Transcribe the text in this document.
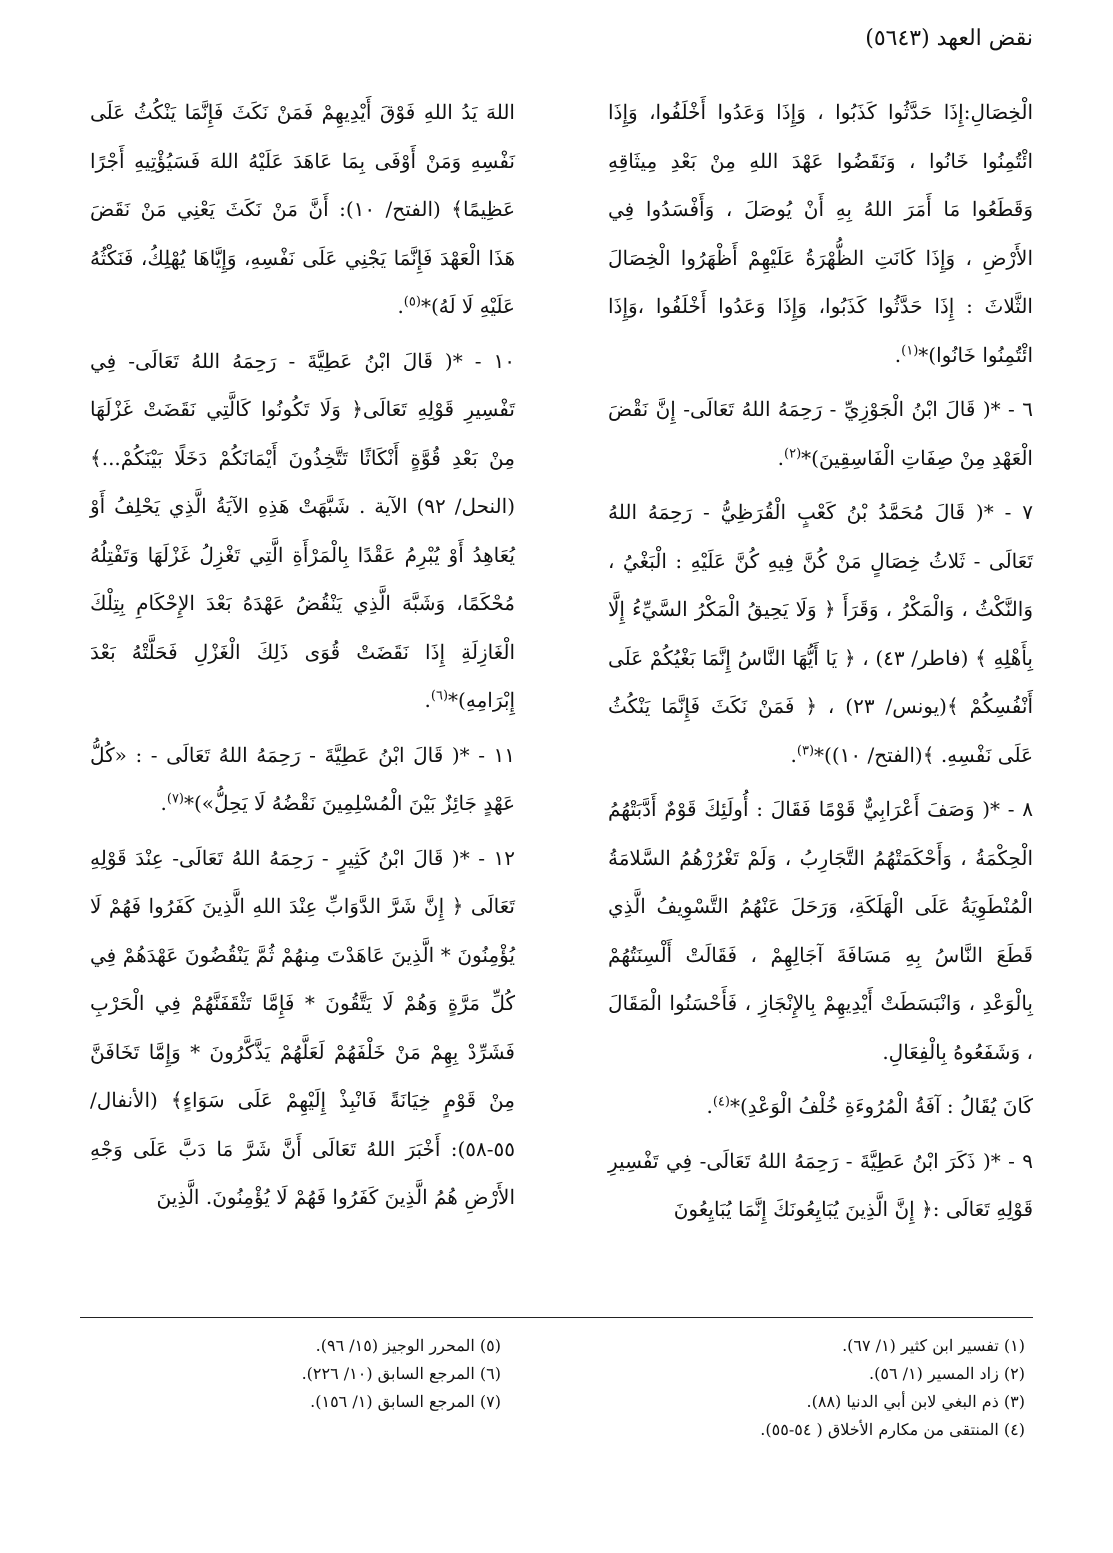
نقض العهد (٥٦٤٣)

الْخِصَالِ:إِذَا حَدَّثُوا كَذَبُوا ، وَإِذَا وَعَدُوا أَخْلَفُوا، وَإِذَا ائْتُمِنُوا خَانُوا ، وَنَقَضُوا عَهْدَ اللهِ مِنْ بَعْدِ مِيثَاقِهِ وَقَطَعُوا مَا أَمَرَ اللهُ بِهِ أَنْ يُوصَلَ ، وَأَفْسَدُوا فِي الأَرْضِ ، وَإِذَا كَانَتِ الظُّهْرَةُ عَلَيْهِمْ أَظْهَرُوا الْخِصَالَ الثَّلاثَ : إِذَا حَدَّثُوا كَذَبُوا، وَإِذَا وَعَدُوا أَخْلَفُوا ،وَإِذَا ائْتُمِنُوا خَانُوا)*$^{(١)}$.

٦ - *( قَالَ ابْنُ الْجَوْزِيِّ - رَحِمَهُ اللهُ تَعَالَى- إِنَّ نَقْضَ الْعَهْدِ مِنْ صِفَاتِ الْفَاسِقِينَ)*$^{(٢)}$.

٧ - *( قَالَ مُحَمَّدُ بْنُ كَعْبٍ الْقُرَظِيُّ - رَحِمَهُ اللهُ تَعَالَى - ثَلاثُ خِصَالٍ مَنْ كُنَّ فِيهِ كُنَّ عَلَيْهِ : الْبَغْيُ ، وَالنَّكْثُ ، وَالْمَكْرُ ، وَقَرَأَ ﴿ وَلَا يَحِيقُ الْمَكْرُ السَّيِّءُ إِلَّا بِأَهْلِهِ ﴾ (فاطر/ ٤٣) ، ﴿ يَا أَيُّهَا النَّاسُ إِنَّمَا بَغْيُكُمْ عَلَى أَنْفُسِكُمْ ﴾(يونس/ ٢٣) ، ﴿ فَمَنْ نَكَثَ فَإِنَّمَا يَنْكُثُ عَلَى نَفْسِهِ. ﴾(الفتح/ ١٠))*$^{(٣)}$.

٨ - *( وَصَفَ أَعْرَابِيٌّ قَوْمًا فَقَالَ : أُولَئِكَ قَوْمٌ أَدَّبَتْهُمُ الْحِكْمَةُ ، وَأَحْكَمَتْهُمُ التَّجَارِبُ ، وَلَمْ تَغْرُرْهُمُ السَّلامَةُ الْمُنْطَوِيَةُ عَلَى الْهَلَكَةِ، وَرَحَلَ عَنْهُمُ التَّسْوِيفُ الَّذِي قَطَعَ النَّاسُ بِهِ مَسَافَةَ آجَالِهِمْ ، فَقَالَتْ أَلْسِنَتُهُمْ بِالْوَعْدِ ، وَانْبَسَطَتْ أَيْدِيهِمْ بِالإِنْجَازِ ، فَأَحْسَنُوا الْمَقَالَ ، وَشَفَعُوهُ بِالْفِعَالِ.

كَانَ يُقَالُ : آفَةُ الْمُرُوءَةِ خُلْفُ الْوَعْدِ)*$^{(٤)}$.

٩ - *( ذَكَرَ ابْنُ عَطِيَّةَ - رَحِمَهُ اللهُ تَعَالَى- فِي تَفْسِيرِ قَوْلِهِ تَعَالَى :﴿ إِنَّ الَّذِينَ يُبَايِعُونَكَ إِنَّمَا يُبَايِعُونَ

اللهَ يَدُ اللهِ فَوْقَ أَيْدِيهِمْ فَمَنْ نَكَثَ فَإِنَّمَا يَنْكُثُ عَلَى نَفْسِهِ وَمَنْ أَوْفَى بِمَا عَاهَدَ عَلَيْهُ اللهَ فَسَيُؤْتِيهِ أَجْرًا عَظِيمًا﴾ (الفتح/ ١٠): أَنَّ مَنْ نَكَثَ يَعْنِي مَنْ نَقَضَ هَذَا الْعَهْدَ فَإِنَّمَا يَجْنِي عَلَى نَفْسِهِ، وَإِيَّاهَا يُهْلِكُ، فَنَكْثُهُ عَلَيْهِ لَا لَهُ)*$^{(٥)}$.

١٠ - *( قَالَ ابْنُ عَطِيَّةَ - رَحِمَهُ اللهُ تَعَالَى- فِي تَفْسِيرِ قَوْلِهِ تَعَالَى﴿ وَلَا تَكُونُوا كَالَّتِي نَقَضَتْ غَزْلَهَا مِنْ بَعْدِ قُوَّةٍ أَنْكَاثًا تَتَّخِذُونَ أَيْمَانَكُمْ دَخَلًا بَيْنَكُمْ...﴾ (النحل/ ٩٢) الآية . شَبَّهَتْ هَذِهِ الآيَةُ الَّذِي يَحْلِفُ أَوْ يُعَاهِدُ أَوْ يُبْرِمُ عَقْدًا بِالْمَرْأَةِ الَّتِي تَغْزِلُ غَزْلَهَا وَتَفْتِلُهُ مُحْكَمًا، وَشَبَّهَ الَّذِي يَنْقُضُ عَهْدَهُ بَعْدَ الإِحْكَامِ بِتِلْكَ الْغَازِلَةِ إِذَا نَقَضَتْ قُوَى ذَلِكَ الْغَزْلِ فَحَلَّتْهُ بَعْدَ إِبْرَامِهِ)*$^{(٦)}$.

١١ - *( قَالَ ابْنُ عَطِيَّةَ - رَحِمَهُ اللهُ تَعَالَى - : «كُلُّ عَهْدٍ جَائِزٌ بَيْنَ الْمُسْلِمِينَ نَقْضُهُ لَا يَحِلُّ»)*$^{(٧)}$.

١٢ - *( قَالَ ابْنُ كَثِيرٍ - رَحِمَهُ اللهُ تَعَالَى- عِنْدَ قَوْلِهِ تَعَالَى ﴿ إِنَّ شَرَّ الدَّوَابِّ عِنْدَ اللهِ الَّذِينَ كَفَرُوا فَهُمْ لَا يُؤْمِنُونَ * الَّذِينَ عَاهَدْتَ مِنهُمْ ثُمَّ يَنْقُضُونَ عَهْدَهُمْ فِي كُلِّ مَرَّةٍ وَهُمْ لَا يَتَّقُونَ * فَإِمَّا تَثْقَفَنَّهُمْ فِي الْحَرْبِ فَشَرِّدْ بِهِمْ مَنْ خَلْفَهُمْ لَعَلَّهُمْ يَذَّكَّرُونَ * وَإِمَّا تَخَافَنَّ مِنْ قَوْمٍ خِيَانَةً فَانْبِذْ إِلَيْهِمْ عَلَى سَوَاءٍ﴾ (الأنفال/ ٥٥-٥٨): أَخْبَرَ اللهُ تَعَالَى أَنَّ شَرَّ مَا دَبَّ عَلَى وَجْهِ الأَرْضِ هُمُ الَّذِينَ كَفَرُوا فَهُمْ لَا يُؤْمِنُونَ. الَّذِينَ

(١) تفسير ابن كثير (١/ ٦٧).

(٢) زاد المسير (١/ ٥٦).

(٣) ذم البغي لابن أبي الدنيا (٨٨).

(٤) المنتقى من مكارم الأخلاق ( ٥٤-٥٥).

(٥) المحرر الوجيز (١٥/ ٩٦).

(٦) المرجع السابق (١٠/ ٢٢٦).

(٧) المرجع السابق (١/ ١٥٦).
